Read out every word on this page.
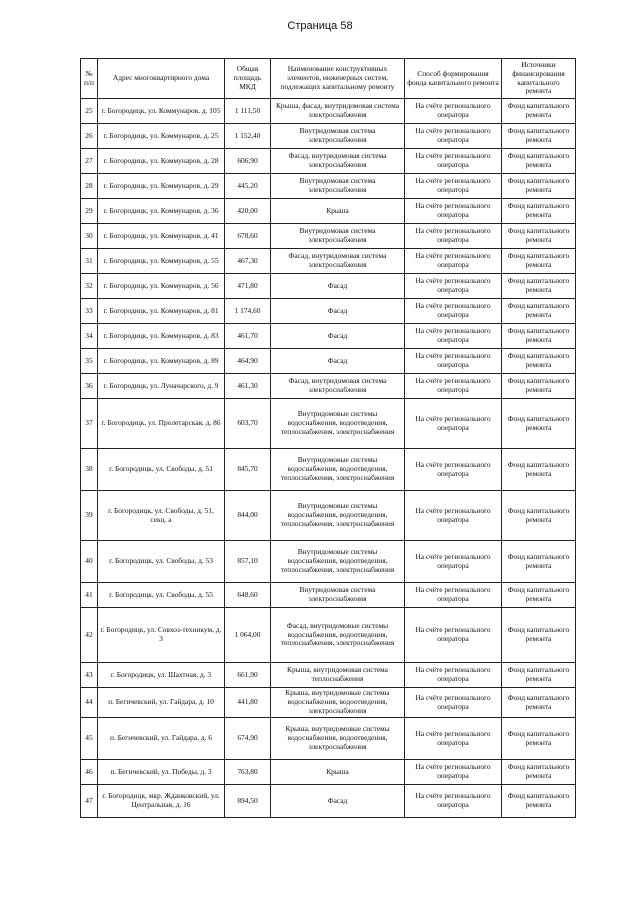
Страница 58
№ п/п	Адрес многоквартирного дома	Общая площадь МКД	Наименование конструктивных элементов, инженерных систем, подлежащих капитальному ремонту	Способ формирования фонда капитального ремонта	Источники финансирования капитального ремонта
25	г. Богородицк, ул. Коммунаров, д. 105	1 111,50	Крыша, фасад, внутридомовая система электроснабжения	На счёте регионального оператора	Фонд капитального ремонта
26	г. Богородицк, ул. Коммунаров, д. 25	1 152,40	Внутридомовая система электроснабжения	На счёте регионального оператора	Фонд капитального ремонта
27	г. Богородицк, ул. Коммунаров, д. 28	606,90	Фасад, внутридомовая система электроснабжения	На счёте регионального оператора	Фонд капитального ремонта
28	г. Богородицк, ул. Коммунаров, д. 29	445,20	Внутридомовая система электроснабжения	На счёте регионального оператора	Фонд капитального ремонта
29	г. Богородицк, ул. Коммунаров, д. 36	420,00	Крыша	На счёте регионального оператора	Фонд капитального ремонта
30	г. Богородицк, ул. Коммунаров, д. 41	678,60	Внутридомовая система электроснабжения	На счёте регионального оператора	Фонд капитального ремонта
31	г. Богородицк, ул. Коммунаров, д. 55	467,30	Фасад, внутридомовая система электроснабжения	На счёте регионального оператора	Фонд капитального ремонта
32	г. Богородицк, ул. Коммунаров, д. 56	471,80	Фасад	На счёте регионального оператора	Фонд капитального ремонта
33	г. Богородицк, ул. Коммунаров, д. 81	1 174,60	Фасад	На счёте регионального оператора	Фонд капитального ремонта
34	г. Богородицк, ул. Коммунаров, д. 83	461,70	Фасад	На счёте регионального оператора	Фонд капитального ремонта
35	г. Богородицк, ул. Коммунаров, д. 89	464,90	Фасад	На счёте регионального оператора	Фонд капитального ремонта
36	г. Богородицк, ул. Луначарского, д. 9	461,30	Фасад, внутридомовая система электроснабжения	На счёте регионального оператора	Фонд капитального ремонта
37	г. Богородицк, ул. Пролетарская, д. 86	603,70	Внутридомовые системы водоснабжения, водоотведения, теплоснабжения, электроснабжения	На счёте регионального оператора	Фонд капитального ремонта
38	г. Богородицк, ул. Свободы, д. 51	845,70	Внутридомовые системы водоснабжения, водоотведения, теплоснабжения, электроснабжения	На счёте регионального оператора	Фонд капитального ремонта
39	г. Богородицк, ул. Свободы, д. 51, секц. а	844,00	Внутридомовые системы водоснабжения, водоотведения, теплоснабжения, электроснабжения	На счёте регионального оператора	Фонд капитального ремонта
40	г. Богородицк, ул. Свободы, д. 53	857,10	Внутридомовые системы водоснабжения, водоотведения, теплоснабжения, электроснабжения	На счёте регионального оператора	Фонд капитального ремонта
41	г. Богородицк, ул. Свободы, д. 55	648,60	Внутридомовая система электроснабжения	На счёте регионального оператора	Фонд капитального ремонта
42	г. Богородицк, ул. Совхоз-техникум, д. 3	1 064,00	Фасад, внутридомовые системы водоснабжения, водоотведения, теплоснабжения, электроснабжения	На счёте регионального оператора	Фонд капитального ремонта
43	г. Богородицк, ул. Шахтная, д. 3	661,90	Крыша, внутридомовая система теплоснабжения	На счёте регионального оператора	Фонд капитального ремонта
44	п. Бегичевский, ул. Гайдара, д. 10	441,80	Крыша, внутридомовые системы водоснабжения, водоотведения, электроснабжения	На счёте регионального оператора	Фонд капитального ремонта
45	п. Бегичевский, ул. Гайдара, д. 6	674,90	Крыша, внутридомовые системы водоснабжения, водоотведения, электроснабжения	На счёте регионального оператора	Фонд капитального ремонта
46	п. Бегичевский, ул. Победы, д. 3	763,80	Крыша	На счёте регионального оператора	Фонд капитального ремонта
47	г. Богородицк, мкр. Жданковский, ул. Центральная, д. 16	894,50	Фасад	На счёте регионального оператора	Фонд капитального ремонта
